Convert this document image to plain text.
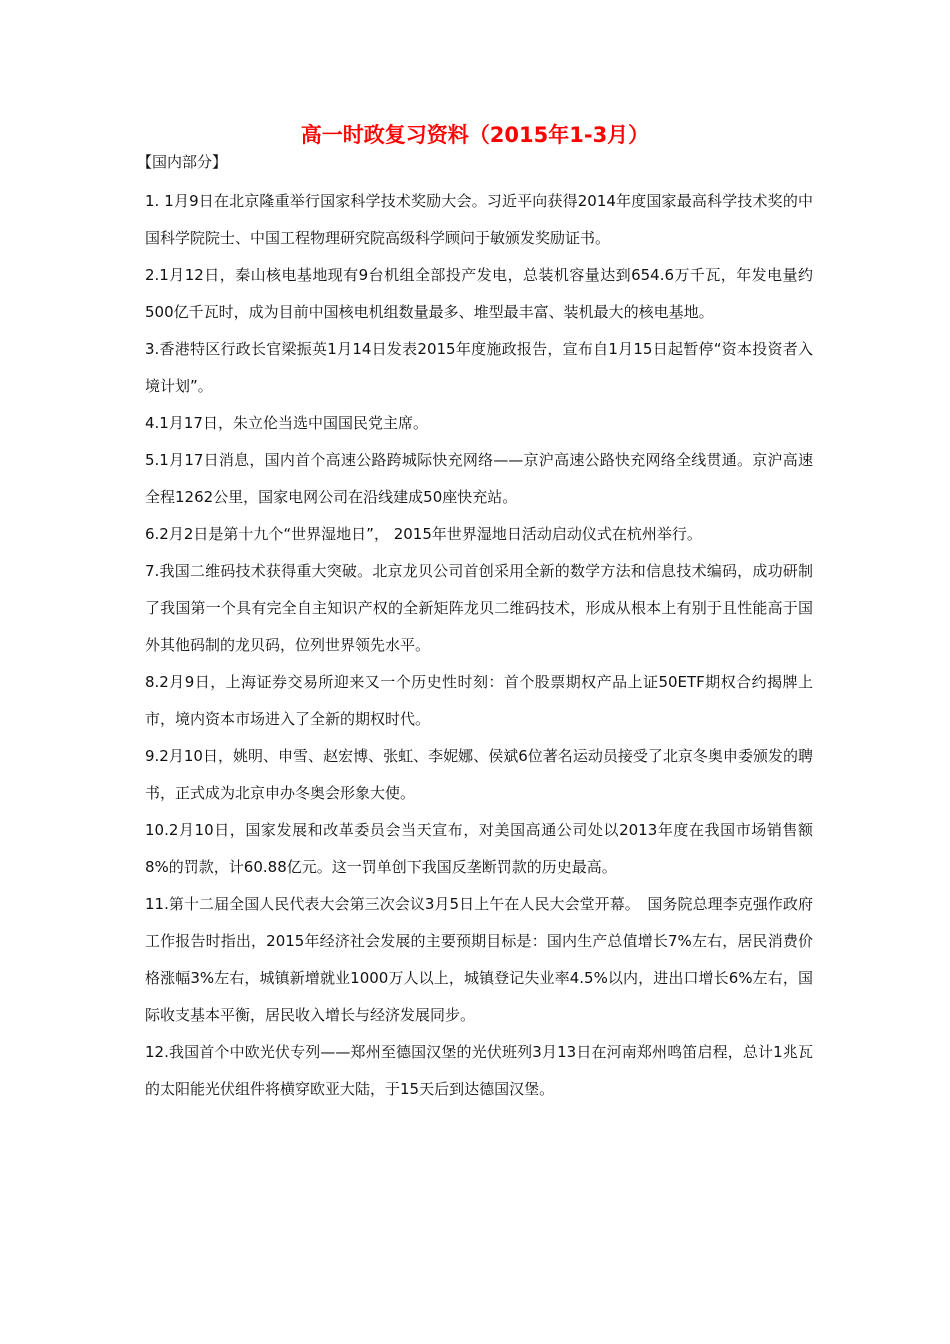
高一时政复习资料（2015年1-3月）
【国内部分】

1. 1月9日在北京隆重举行国家科学技术奖励大会。习近平向获得2014年度国家最高科学技术奖的中国科学院院士、中国工程物理研究院高级科学顾问于敏颁发奖励证书。

2.1月12日，秦山核电基地现有9台机组全部投产发电，总装机容量达到654.6万千瓦，年发电量约500亿千瓦时，成为目前中国核电机组数量最多、堆型最丰富、装机最大的核电基地。

3.香港特区行政长官梁振英1月14日发表2015年度施政报告，宣布自1月15日起暂停“资本投资者入境计划”。

4.1月17日，朱立伦当选中国国民党主席。

5.1月17日消息，国内首个高速公路跨城际快充网络——京沪高速公路快充网络全线贯通。京沪高速全程1262公里，国家电网公司在沿线建成50座快充站。

6.2月2日是第十九个“世界湿地日”， 2015年世界湿地日活动启动仪式在杭州举行。

7.我国二维码技术获得重大突破。北京龙贝公司首创采用全新的数学方法和信息技术编码，成功研制了我国第一个具有完全自主知识产权的全新矩阵龙贝二维码技术，形成从根本上有别于且性能高于国外其他码制的龙贝码，位列世界领先水平。

8.2月9日，上海证券交易所迎来又一个历史性时刻：首个股票期权产品上证50ETF期权合约揭牌上市，境内资本市场进入了全新的期权时代。

9.2月10日，姚明、申雪、赵宏博、张虹、李妮娜、侯斌6位著名运动员接受了北京冬奥申委颁发的聘书，正式成为北京申办冬奥会形象大使。

10.2月10日，国家发展和改革委员会当天宣布，对美国高通公司处以2013年度在我国市场销售额8%的罚款，计60.88亿元。这一罚单创下我国反垄断罚款的历史最高。

11.第十二届全国人民代表大会第三次会议3月5日上午在人民大会堂开幕。　国务院总理李克强作政府工作报告时指出，2015年经济社会发展的主要预期目标是：国内生产总值增长7%左右，居民消费价格涨幅3%左右，城镇新增就业1000万人以上，城镇登记失业率4.5%以内，进出口增长6%左右，国际收支基本平衡，居民收入增长与经济发展同步。

12.我国首个中欧光伏专列——郑州至德国汉堡的光伏班列3月13日在河南郑州鸣笛启程，总计1兆瓦的太阳能光伏组件将横穿欧亚大陆，于15天后到达德国汉堡。
